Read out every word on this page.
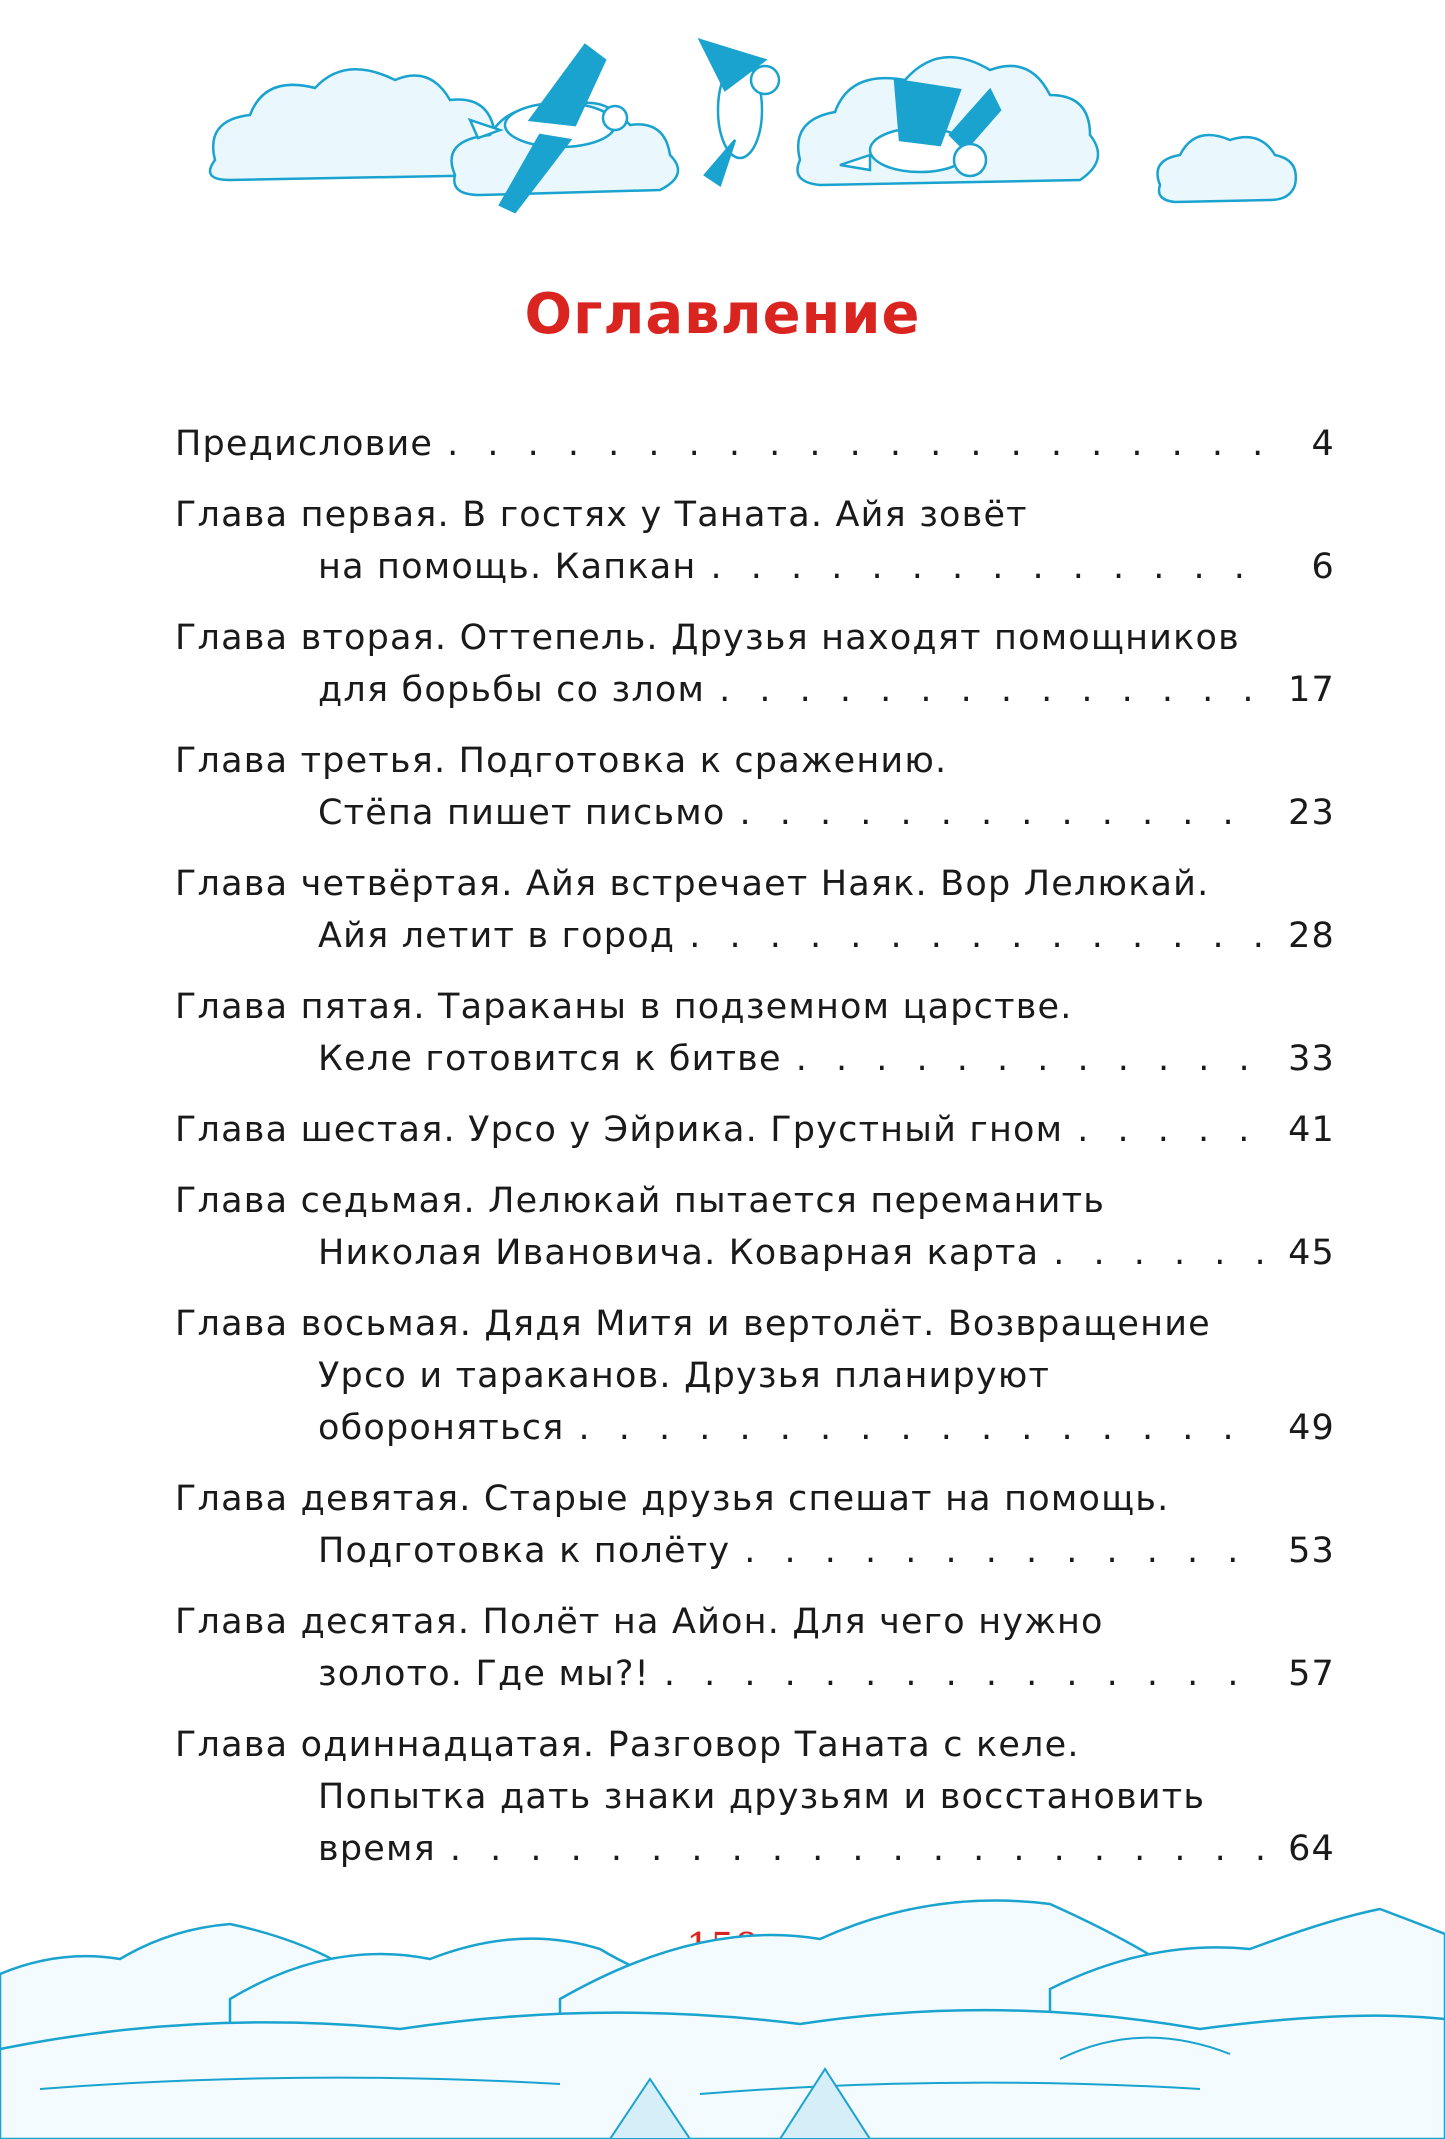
Оглавление
Предисловие . . .	4
Глава первая. В гостях у Таната. Айя зовёт
на помощь. Капкан . . .	6
Глава вторая. Оттепель. Друзья находят помощников
для борьбы со злом . . .	17
Глава третья. Подготовка к сражению.
Стёпа пишет письмо . . .	23
Глава четвёртая. Айя встречает Наяк. Вор Лелюкай.
Айя летит в город . . .	28
Глава пятая. Тараканы в подземном царстве.
Келе готовится к битве . . .	33
Глава шестая. Урсо у Эйрика. Грустный гном . . .	41
Глава седьмая. Лелюкай пытается переманить
Николая Ивановича. Коварная карта . . .	45
Глава восьмая. Дядя Митя и вертолёт. Возвращение
Урсо и тараканов. Друзья планируют
обороняться . . .	49
Глава девятая. Старые друзья спешат на помощь.
Подготовка к полёту . . .	53
Глава десятая. Полёт на Айон. Для чего нужно
золото. Где мы?! . . .	57
Глава одиннадцатая. Разговор Таната с келе.
Попытка дать знаки друзьям и восстановить
время . . .	64
